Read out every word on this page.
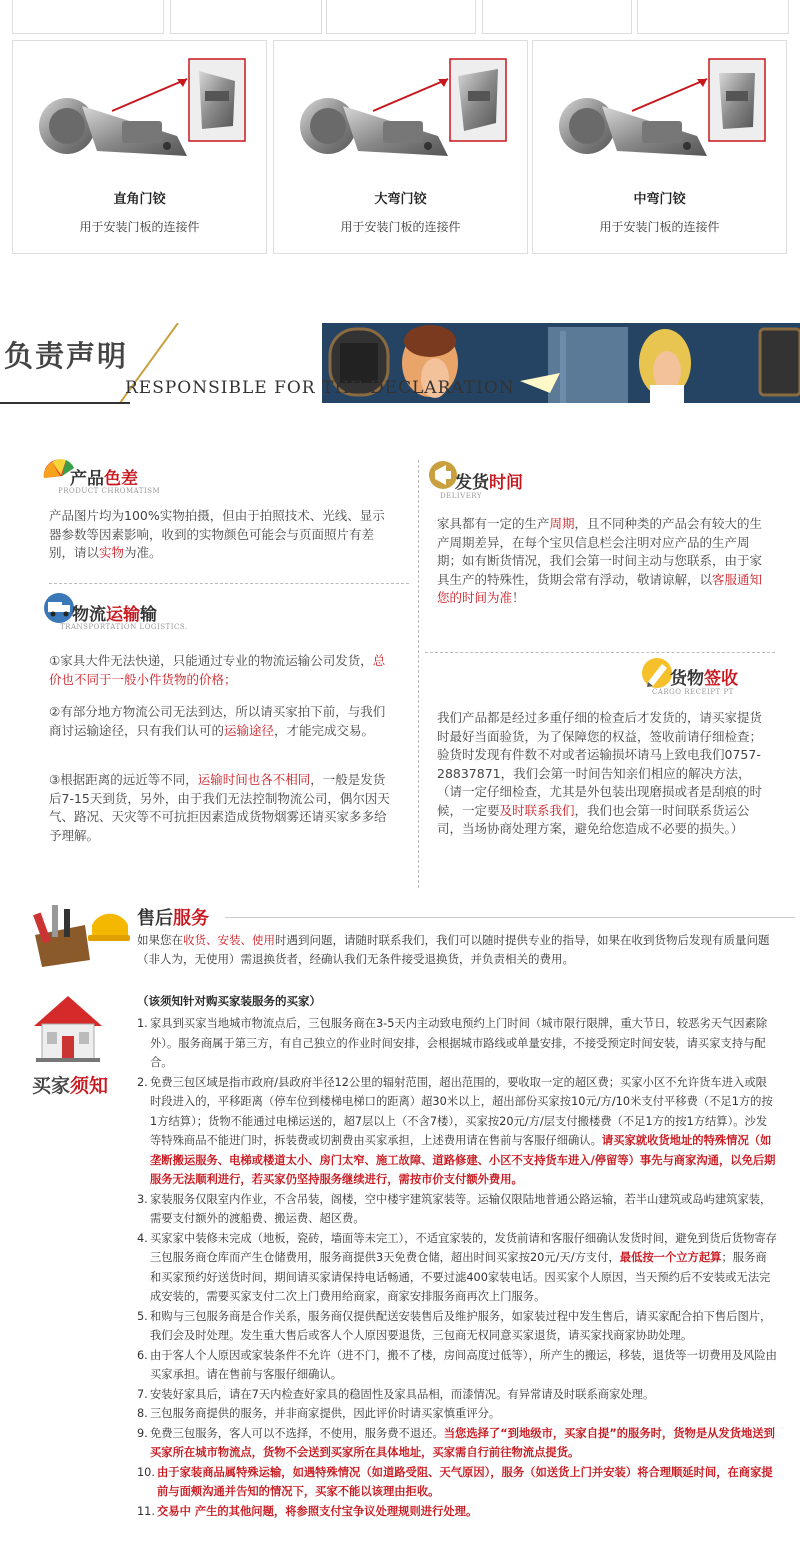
直角门铰
用于安装门板的连接件
大弯门铰
用于安装门板的连接件
中弯门铰
用于安装门板的连接件
负责声明
RESPONSIBLE FOR THE DECLARATION
产品色差
PRODUCT CHROMATISM
产品图片均为100%实物拍摄，但由于拍照技术、光线、显示器参数等因素影响，收到的实物颜色可能会与页面照片有差别，请以实物为准。
物流运输输
TRANSPORTATION LOGISTICS.
①家具大件无法快递，只能通过专业的物流运输公司发货，总价也不同于一般小件货物的价格；
②有部分地方物流公司无法到达，所以请买家拍下前，与我们商讨运输途径，只有我们认可的运输途径，才能完成交易。
③根据距离的远近等不同，运输时间也各不相同，一般是发货后7-15天到货，另外，由于我们无法控制物流公司，偶尔因天气、路况、天灾等不可抗拒因素造成货物烟雾还请买家多多给予理解。
发货时间
DELIVERY
家具都有一定的生产周期，且不同种类的产品会有较大的生产周期差异，在每个宝贝信息栏会注明对应产品的生产周期；如有断货情况，我们会第一时间主动与您联系，由于家具生产的特殊性，货期会常有浮动，敬请谅解，以客服通知您的时间为准！
货物签收
CARGO RECEIPT PT
我们产品都是经过多重仔细的检查后才发货的，请买家提货时最好当面验货，为了保障您的权益，签收前请仔细检查；验货时发现有件数不对或者运输损坏请马上致电我们0757-28837871，我们会第一时间告知亲们相应的解决方法，（请一定仔细检查，尤其是外包装出现磨损或者是刮痕的时候，一定要及时联系我们，我们也会第一时间联系货运公司，当场协商处理方案，避免给您造成不必要的损失。）
售后服务
如果您在收货、安装、使用时遇到问题，请随时联系我们，我们可以随时提供专业的指导，如果在收到货物后发现有质量问题（非人为，无使用）需退换货者，经确认我们无条件接受退换货，并负责相关的费用。
买家须知
（该须知针对购买家装服务的买家）
1. 家具到买家当地城市物流点后，三包服务商在3-5天内主动致电预约上门时间（城市限行限牌，重大节日，较恶劣天气因素除外）。服务商属于第三方，有自己独立的作业时间安排，会根据城市路线或单量安排，不接受预定时间安装，请买家支持与配合。
2. 免费三包区域是指市政府/县政府半径12公里的辐射范围，超出范围的，要收取一定的超区费；买家小区不允许货车进入或限时段进入的，平移距离（停车位到楼梯电梯口的距离）超30米以上，超出部份买家按10元/方/10米支付平移费（不足1方的按1方结算）；货物不能通过电梯运送的，超7层以上（不含7楼），买家按20元/方/层支付搬楼费（不足1方的按1方结算）。沙发等特殊商品不能进门时，拆装费或切割费由买家承担，上述费用请在售前与客服仔细确认。请买家就收货地址的特殊情况（如垄断搬运服务、电梯或楼道太小、房门太窄、施工故障、道路修建、小区不支持货车进入/停留等）事先与商家沟通，以免后期服务无法顺利进行，若买家仍坚持服务继续进行，需按市价支付额外费用。
3. 家装服务仅限室内作业，不含吊装，阁楼，空中楼宇建筑家装等。运输仅限陆地普通公路运输，若半山建筑或岛屿建筑家装，需要支付额外的渡船费、搬运费、超区费。
4. 买家家中装修未完成（地板，瓷砖，墙面等未完工），不适宜家装的，发货前请和客服仔细确认发货时间，避免到货后货物寄存三包服务商仓库而产生仓储费用，服务商提供3天免费仓储，超出时间买家按20元/天/方支付，最低按一个立方起算；服务商和买家预约好送货时间，期间请买家请保持电话畅通，不要过滤400家装电话。因买家个人原因，当天预约后不安装或无法完成安装的，需要买家支付二次上门费用给商家，商家安排服务商再次上门服务。
5. 和购与三包服务商是合作关系，服务商仅提供配送安装售后及维护服务，如家装过程中发生售后，请买家配合拍下售后图片，我们会及时处理。发生重大售后或客人个人原因要退货，三包商无权同意买家退货，请买家找商家协助处理。
6. 由于客人个人原因或家装条件不允许（进不门，搬不了楼，房间高度过低等），所产生的搬运，移装，退货等一切费用及风险由买家承担。请在售前与客服仔细确认。
7. 安装好家具后，请在7天内检查好家具的稳固性及家具品相，而漆情况。有异常请及时联系商家处理。
8. 三包服务商提供的服务，并非商家提供，因此评价时请买家慎重评分。
9. 免费三包服务，客人可以不选择，不使用，服务费不退还。当您选择了“到地级市，买家自提”的服务时，货物是从发货地送到买家所在城市物流点，货物不会送到买家所在具体地址，买家需自行前往物流点提货。
10. 由于家装商品属特殊运输，如遇特殊情况（如道路受阻、天气原因），服务（如送货上门并安装）将合理顺延时间，在商家提前与面颊沟通并告知的情况下，买家不能以该理由拒收。
11. 交易中 产生的其他问题，将参照支付宝争议处理规则进行处理。
